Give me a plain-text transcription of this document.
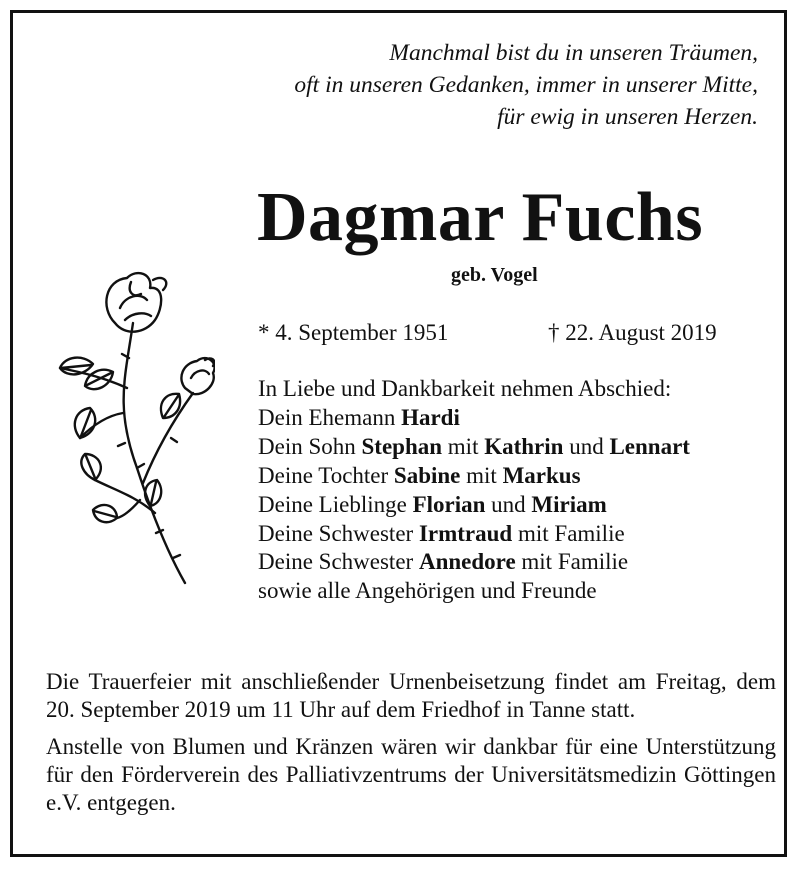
Manchmal bist du in unseren Träumen,
oft in unseren Gedanken, immer in unserer Mitte,
für ewig in unseren Herzen.
Dagmar Fuchs
geb. Vogel
* 4. September 1951	† 22. August 2019
In Liebe und Dankbarkeit nehmen Abschied:
Dein Ehemann Hardi
Dein Sohn Stephan mit Kathrin und Lennart
Deine Tochter Sabine mit Markus
Deine Lieblinge Florian und Miriam
Deine Schwester Irmtraud mit Familie
Deine Schwester Annedore mit Familie
sowie alle Angehörigen und Freunde

Die Trauerfeier mit anschließender Urnenbeisetzung findet am Freitag, dem 20. September 2019 um 11 Uhr auf dem Friedhof in Tanne statt.

Anstelle von Blumen und Kränzen wären wir dankbar für eine Unterstützung für den Förderverein des Palliativzentrums der Universitätsmedizin Göttingen e.V. entgegen.
